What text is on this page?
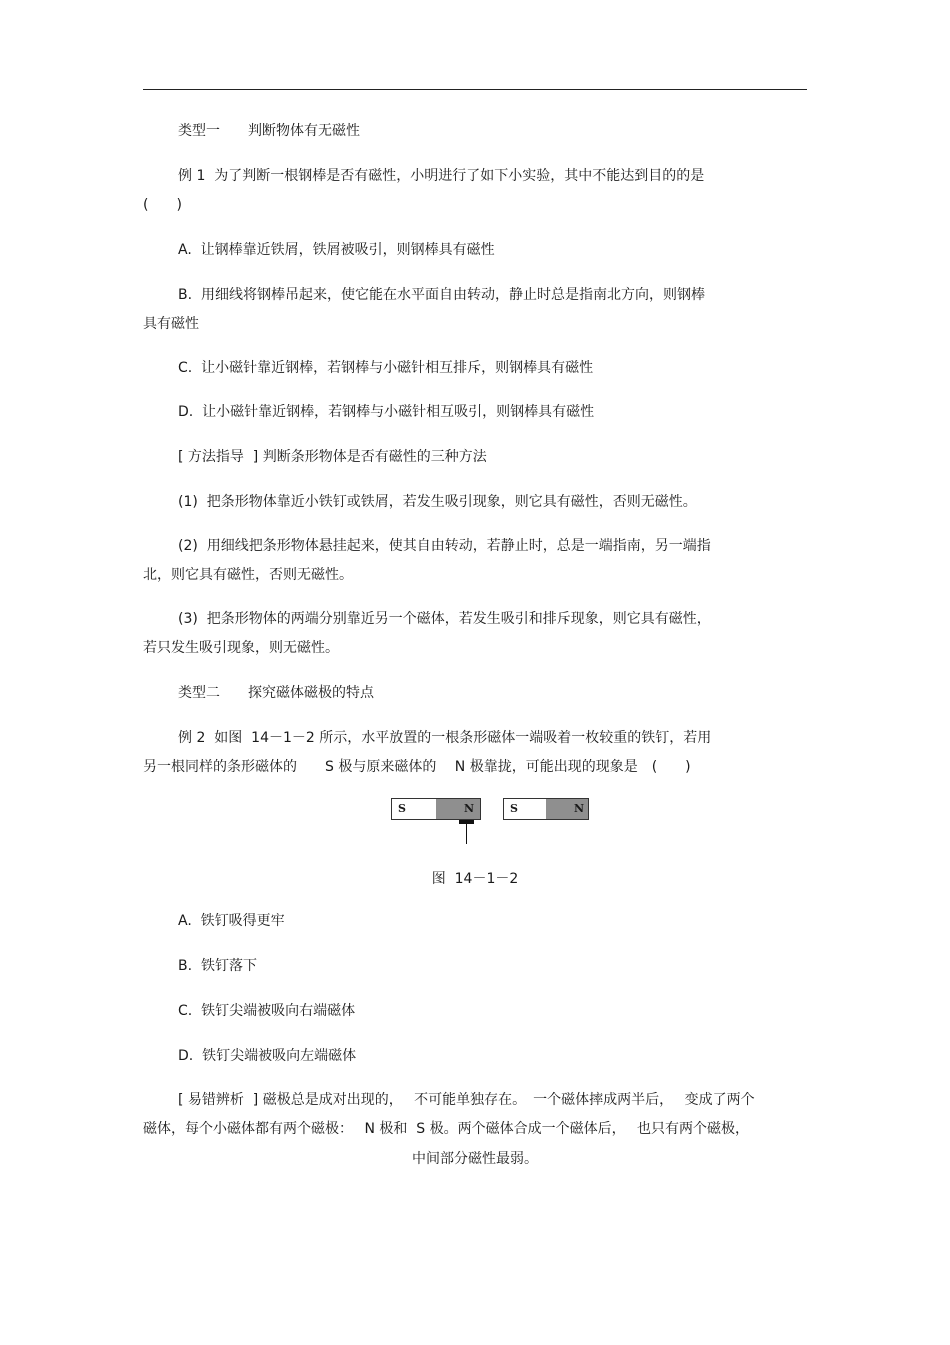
类型一　　判断物体有无磁性
例 1  为了判断一根钢棒是否有磁性，小明进行了如下小实验，其中不能达到目的的是
(　　)
A.  让钢棒靠近铁屑，铁屑被吸引，则钢棒具有磁性
B.  用细线将钢棒吊起来，使它能在水平面自由转动，静止时总是指南北方向，则钢棒
具有磁性
C.  让小磁针靠近钢棒，若钢棒与小磁针相互排斥，则钢棒具有磁性
D.  让小磁针靠近钢棒，若钢棒与小磁针相互吸引，则钢棒具有磁性
[ 方法指导  ] 判断条形物体是否有磁性的三种方法
(1)  把条形物体靠近小铁钉或铁屑，若发生吸引现象，则它具有磁性，否则无磁性。
(2)  用细线把条形物体悬挂起来，使其自由转动，若静止时，总是一端指南，另一端指
北，则它具有磁性，否则无磁性。
(3)  把条形物体的两端分别靠近另一个磁体，若发生吸引和排斥现象，则它具有磁性，
若只发生吸引现象，则无磁性。
类型二　　探究磁体磁极的特点
例 2  如图  14－1－2 所示，水平放置的一根条形磁体一端吸着一枚较重的铁钉，若用
另一根同样的条形磁体的　　S 极与原来磁体的　 N 极靠拢，可能出现的现象是　(　　)
S	N	S	N
图  14－1－2
A.  铁钉吸得更牢
B.  铁钉落下
C.  铁钉尖端被吸向右端磁体
D.  铁钉尖端被吸向左端磁体
[ 易错辨析  ] 磁极总是成对出现的，　 不可能单独存在。　一个磁体摔成两半后，　 变成了两个
磁体，每个小磁体都有两个磁极：　 N 极和  S 极。两个磁体合成一个磁体后，　 也只有两个磁极，
中间部分磁性最弱。
